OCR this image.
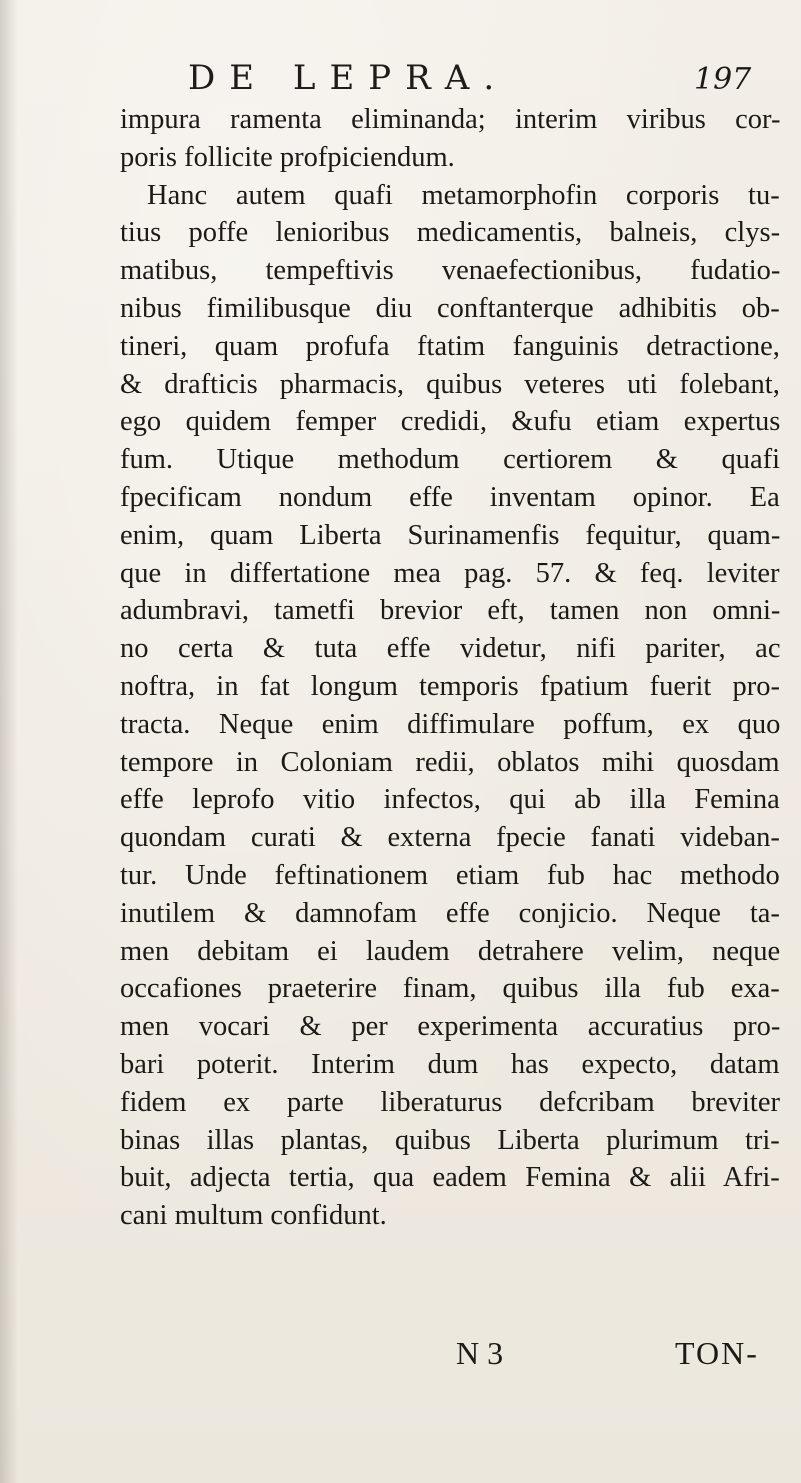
DE LEPRA.	197
impura ramenta eliminanda; interim viribus cor-
poris follicite profpiciendum.
Hanc autem quafi metamorphofin corporis tu-
tius poffe lenioribus medicamentis, balneis, clys-
matibus, tempeftivis venaefectionibus, fudatio-
nibus fimilibusque diu conftanterque adhibitis ob-
tineri, quam profufa ftatim fanguinis detractione,
& drafticis pharmacis, quibus veteres uti folebant,
ego quidem femper credidi, &ufu etiam expertus
fum. Utique methodum certiorem & quafi
fpecificam nondum effe inventam opinor. Ea
enim, quam Liberta Surinamenfis fequitur, quam-
que in differtatione mea pag. 57. & feq. leviter
adumbravi, tametfi brevior eft, tamen non omni-
no certa & tuta effe videtur, nifi pariter, ac
noftra, in fat longum temporis fpatium fuerit pro-
tracta. Neque enim diffimulare poffum, ex quo
tempore in Coloniam redii, oblatos mihi quosdam
effe leprofo vitio infectos, qui ab illa Femina
quondam curati & externa fpecie fanati videban-
tur. Unde feftinationem etiam fub hac methodo
inutilem & damnofam effe conjicio. Neque ta-
men debitam ei laudem detrahere velim, neque
occafiones praeterire finam, quibus illa fub exa-
men vocari & per experimenta accuratius pro-
bari poterit. Interim dum has expecto, datam
fidem ex parte liberaturus defcribam breviter
binas illas plantas, quibus Liberta plurimum tri-
buit, adjecta tertia, qua eadem Femina & alii Afri-
cani multum confidunt.
N 3	TON-
